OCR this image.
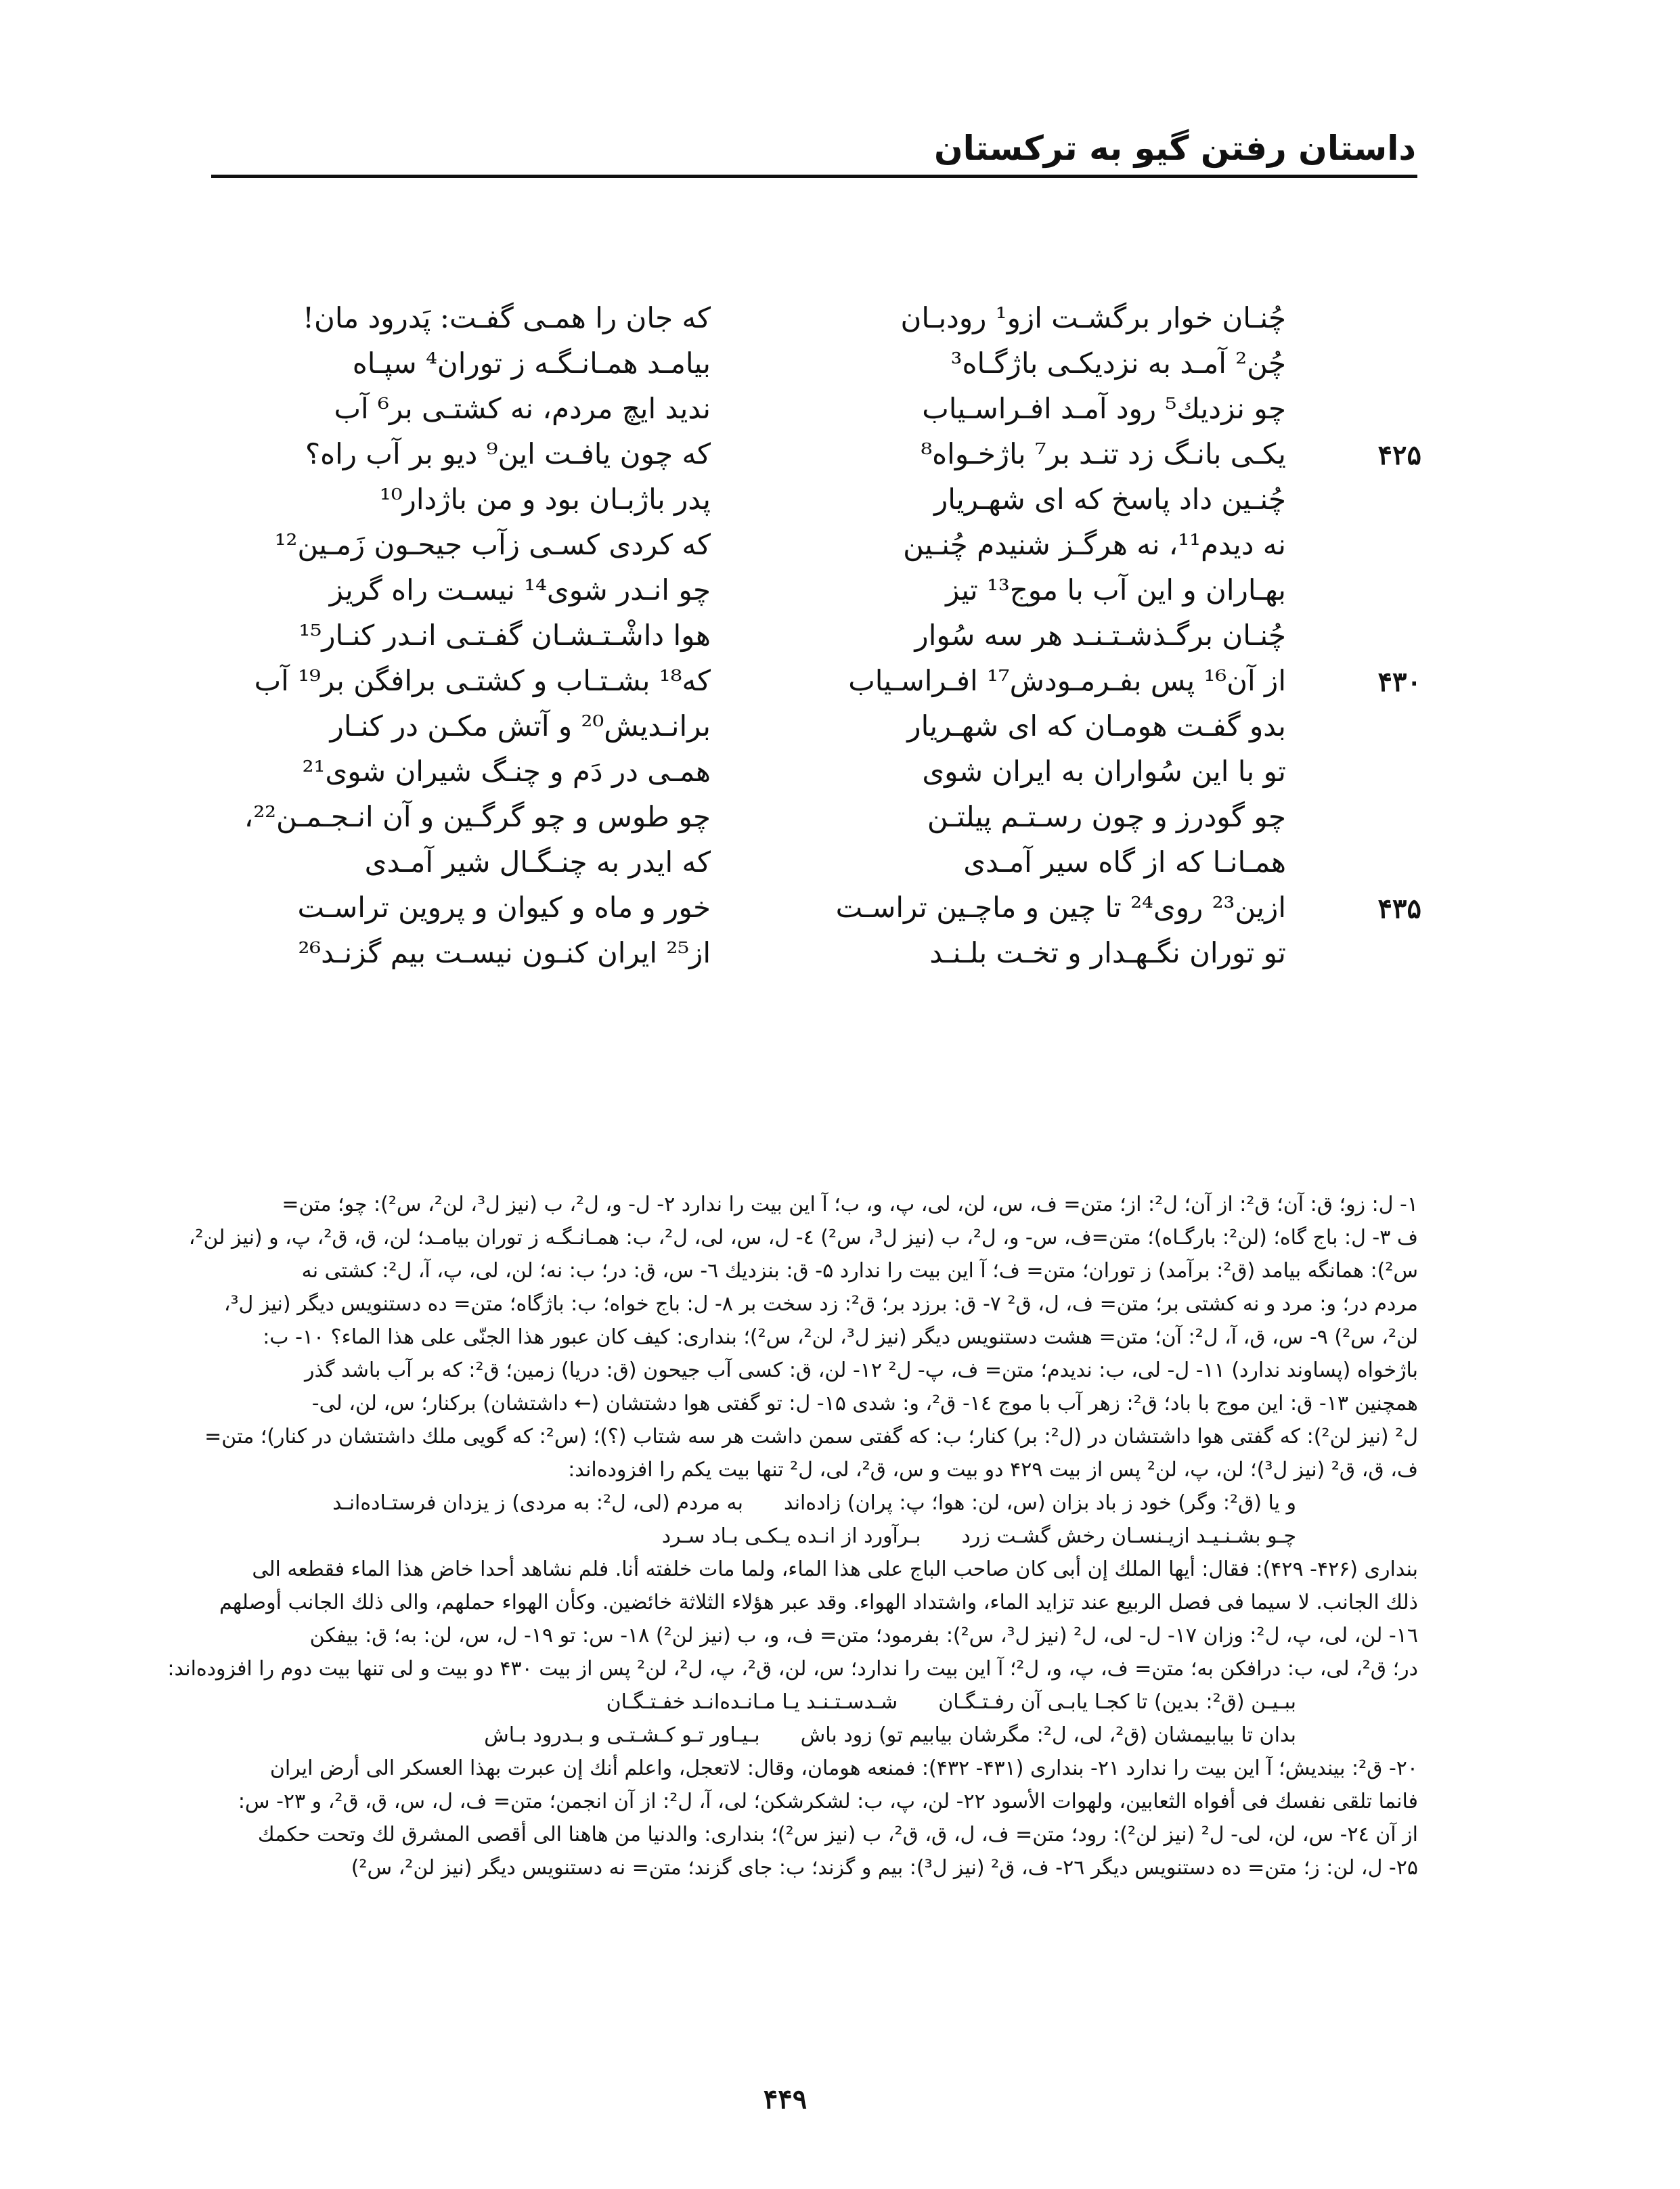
داستان رفتن گیو به ترکستان
چُنـان خوار برگشـت ازو¹ رودبـان
که جان را همـی گفـت: پَدرود مان!
چُن² آمـد به نزدیکـی باژگـاه³
بیامـد همـانـگـه ز توران⁴ سپـاه
چو نزدیك⁵ رود آمـد افـراسـیاب
ندید ایچ مردم، نه کشتـی بر⁶ آب
۴۲۵
یکـی بانـگ زد تنـد بر⁷ باژخـواه⁸
که چون یافـت این⁹ دیو بر آب راه؟
چُنـین داد پاسخ که ای شهـریار
پدر باژبـان بود و من باژدار¹⁰
نه دیدم¹¹، نه هرگـز شنیدم چُنـین
که کردی کسـی زآب جیحـون زَمـین¹²
بهـاران و این آب با موج¹³ تیز
چو انـدر شوی¹⁴ نیسـت راه گریز
چُنـان برگـذشـتـنـد هر سه سُوار
هوا داشْـتـشـان گفـتـی انـدر کنـار¹⁵
۴۳۰
از آن¹⁶ پس بفـرمـودش¹⁷ افـراسـیاب
که¹⁸ بشـتـاب و کشتـی برافگن بر¹⁹ آب
بدو گفـت هومـان که ای شهـریار
برانـدیش²⁰ و آتش مکـن در کنـار
تو با این سُواران به ایران شوی
همـی در دَم و چنـگ شیران شوی²¹
چو گودرز و چون رسـتـم پیلتـن
چو طوس و چو گرگـین و آن انـجـمـن²²،
همـانـا که از گاه سیر آمـدی
که ایدر به چنـگـال شیر آمـدی
۴۳۵
ازین²³ روی²⁴ تا چین و ماچـین تراسـت
خور و ماه و کیوان و پروین تراسـت
تو توران نگـهـدار و تخـت بلـنـد
از²⁵ ایران کنـون نیسـت بیم گزنـد²⁶
۱- ل: زو؛ ق: آن؛ ق²: از آن؛ ل²: از؛ متن= ف، س، لن، لی، پ، و، ب؛ آ این بیت را ندارد ۲- ل- و، ل²، ب (نیز ل³، لن²، س²): چو؛ متن=
ف ۳- ل: باج گاه؛ (لن²: بارگـاه)؛ متن=ف، س- و، ل²، ب (نیز ل³، س²) ٤- ل، س، لی، ل²، ب: همـانـگـه ز توران بیامـد؛ لن، ق، ق²، پ، و (نیز لن²،
س²): همانگه بیامد (ق²: برآمد) ز توران؛ متن= ف؛ آ این بیت را ندارد ۵- ق: بنزدیك ٦- س، ق: در؛ ب: نه؛ لن، لی، پ، آ، ل²: کشتی نه
مردم در؛ و: مرد و نه کشتی بر؛ متن= ف، ل، ق² ۷- ق: برزد بر؛ ق²: زد سخت بر ۸- ل: باج خواه؛ ب: باژگاه؛ متن= ده دستنویس دیگر (نیز ل³،
لن²، س²) ۹- س، ق، آ، ل²: آن؛ متن= هشت دستنویس دیگر (نیز ل³، لن²، س²)؛ بنداری: کیف کان عبور هذا الجنّی علی هذا الماء؟ ۱۰- ب:
باژخواه (پساوند ندارد) ۱۱- ل- لی، ب: ندیدم؛ متن= ف، پ- ل² ۱۲- لن، ق: کسی آب جیحون (ق: دریا) زمین؛ ق²: که بر آب باشد گذر
همچنین ۱۳- ق: این موج با باد؛ ق²: زهر آب با موج ١٤- ق²، و: شدی ۱۵- ل: تو گفتی هوا دشتشان (← داشتشان) برکنار؛ س، لن، لی-
ل² (نیز لن²): که گفتی هوا داشتشان در (ل²: بر) کنار؛ ب: که گفتی سمن داشت هر سه شتاب (؟)؛ (س²: که گویی ملك داشتشان در کنار)؛ متن=
ف، ق، ق² (نیز ل³)؛ لن، پ، لن² پس از بیت ۴۲۹ دو بیت و س، ق²، لی، ل² تنها بیت یکم را افزوده‌اند:
و یا (ق²: وگر) خود ز باد بزان (س، لن: هوا؛ پ: پران) زاده‌اند
به مردم (لی، ل²: به مردی) ز یزدان فرستـاده‌انـد
چـو بشـنـیـد ازیـنسـان رخش گشـت زرد
بـرآورد از انـده یـکـی بـاد سـرد
بنداری (۴۲۶- ۴۲۹): فقال: أیها الملك إن أبی کان صاحب الباج علی هذا الماء، ولما مات خلفته أنا. فلم نشاهد أحدا خاض هذا الماء فقطعه الی
ذلك الجانب. لا سیما فی فصل الربیع عند تزاید الماء، واشتداد الهواء. وقد عبر هؤلاء الثلاثة خائضین. وکأن الهواء حملهم، والی ذلك الجانب أوصلهم
۱٦- لن، لی، پ، ل²: وزان ۱۷- ل- لی، ل² (نیز ل³، س²): بفرمود؛ متن= ف، و، ب (نیز لن²) ۱۸- س: تو ۱۹- ل، س، لن: به؛ ق: بیفکن
در؛ ق²، لی، ب: درافکن به؛ متن= ف، پ، و، ل²؛ آ این بیت را ندارد؛ س، لن، ق²، پ، ل²، لن² پس از بیت ۴۳۰ دو بیت و لی تنها بیت دوم را افزوده‌اند:
ببـیـن (ق²: بدین) تا کجـا یابـی آن رفـتـگـان
شـدسـتـنـد یـا مـانـده‌انـد خفـتـگـان
بدان تا بیابیمشان (ق²، لی، ل²: مگرشان بیابیم تو) زود باش
بـیـاور تـو کـشـتـی و بـدرود بـاش
۲۰- ق²: بیندیش؛ آ این بیت را ندارد ۲۱- بنداری (۴۳۱- ۴۳۲): فمنعه هومان، وقال: لاتعجل، واعلم أنك إن عبرت بهذا العسکر الی أرض ایران
فانما تلقی نفسك فی أفواه الثعابین، ولهوات الأسود ۲۲- لن، پ، ب: لشکرشکن؛ لی، آ، ل²: از آن انجمن؛ متن= ف، ل، س، ق، ق²، و ۲۳- س:
از آن ۲٤- س، لن، لی- ل² (نیز لن²): رود؛ متن= ف، ل، ق، ق²، ب (نیز س²)؛ بنداری: والدنیا من هاهنا الی أقصی المشرق لك وتحت حکمك
۲۵- ل، لن: ز؛ متن= ده دستنویس دیگر ۲٦- ف، ق² (نیز ل³): بیم و گزند؛ ب: جای گزند؛ متن= نه دستنویس دیگر (نیز لن²، س²)
۴۴۹
